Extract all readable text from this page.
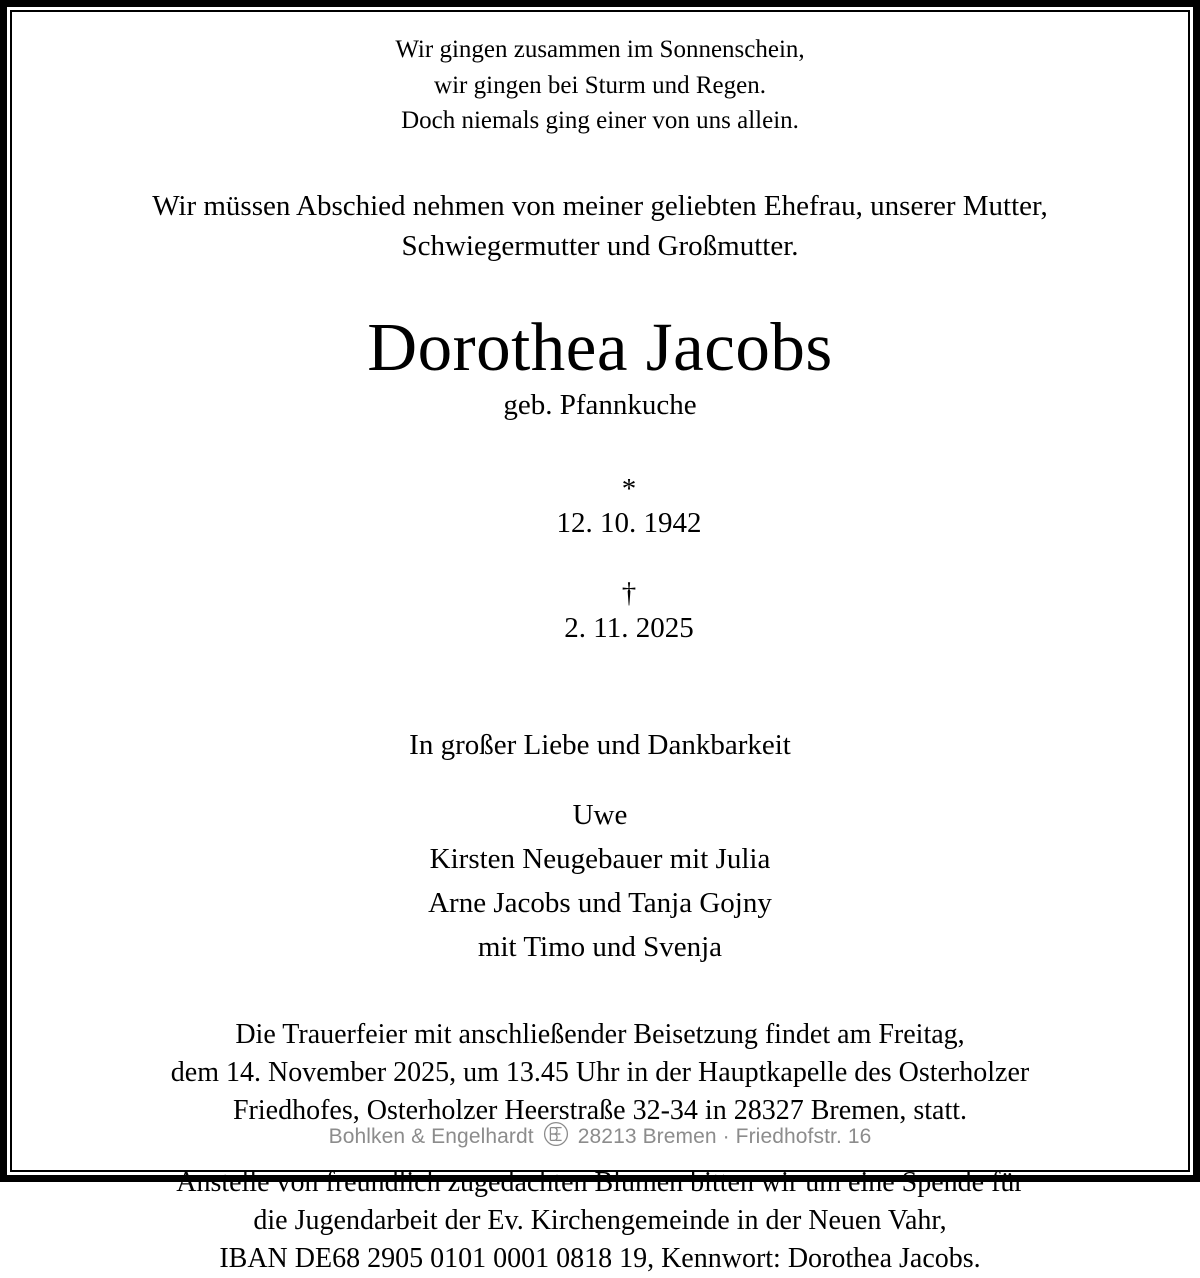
Wir gingen zusammen im Sonnenschein,
wir gingen bei Sturm und Regen.
Doch niemals ging einer von uns allein.
Wir müssen Abschied nehmen von meiner geliebten Ehefrau, unserer Mutter,
Schwiegermutter und Großmutter.
Dorothea Jacobs
geb. Pfannkuche

*
12. 10. 1942

†
2. 11. 2025

In großer Liebe und Dankbarkeit
Uwe
Kirsten Neugebauer mit Julia
Arne Jacobs und Tanja Gojny
mit Timo und Svenja
Die Trauerfeier mit anschließender Beisetzung findet am Freitag,
dem 14. November 2025, um 13.45 Uhr in der Hauptkapelle des Osterholzer
Friedhofes, Osterholzer Heerstraße 32-34 in 28327 Bremen, statt.
Anstelle von freundlich zugedachten Blumen bitten wir um eine Spende für
die Jugendarbeit der Ev. Kirchengemeinde in der Neuen Vahr,
IBAN DE68 2905 0101 0001 0818 19, Kennwort: Dorothea Jacobs.
Bohlken & Engelhardt 28213 Bremen · Friedhofstr. 16
